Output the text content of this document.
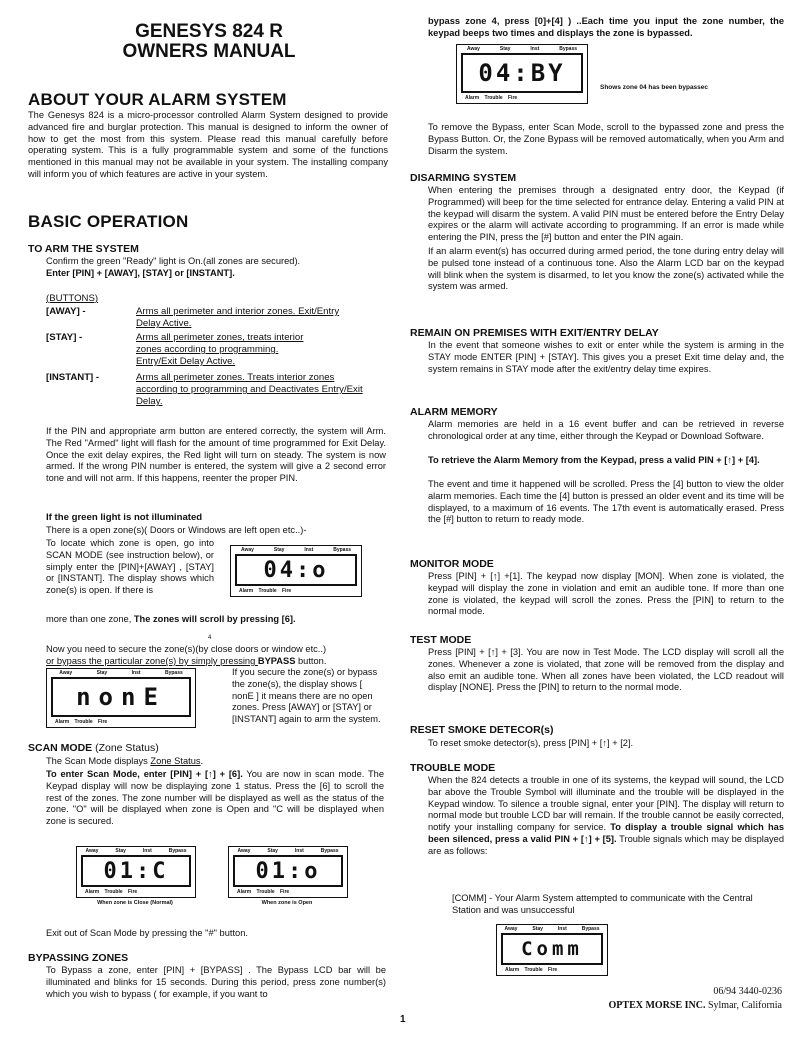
GENESYS 824 R
OWNERS MANUAL
ABOUT YOUR ALARM SYSTEM

The Genesys 824 is a micro-processor controlled Alarm System designed to provide advanced fire and burglar protection. This manual is designed to inform the owner of how to get the most from this system. Please read this manual carefully before operating system. This is a fully programmable system and some of the functions mentioned in this manual may not be available in your system. The installing company will inform you of which features are active in your system.

BASIC OPERATION
TO ARM THE SYSTEM

Confirm the green "Ready" light is On.(all zones are secured).

Enter [PIN] + [AWAY], [STAY] or [INSTANT].

(BUTTONS)
[AWAY] -	Arms all perimeter and interior zones. Exit/Entry Delay Active.
[STAY] -	Arms all perimeter zones, treats interior zones according to programming. Entry/Exit Delay Active.
[INSTANT] -	Arms all perimeter zones. Treats interior zones according to programming and Deactivates Entry/Exit Delay.

If the PIN and appropriate arm button are entered correctly, the system will Arm. The Red "Armed" light will flash for the amount of time programmed for Exit Delay. Once the exit delay expires, the Red light will turn on steady. The system is now armed. If the wrong PIN number is entered, the system will give a 2 second error tone and will not arm. If this happens, reenter the proper PIN.

If the green light is not illuminated

There is a open zone(s)( Doors or Windows are left open etc..)-

To locate which zone is open, go into SCAN MODE (see instruction below), or simply enter the [PIN]+[AWAY] , [STAY] or [INSTANT]. The display shows which zone(s) is open. If there is

more than one zone, The zones will scroll by pressing [6].

Away	Stay	Inst	Bypass
04:o
Alarm Trouble Fire
4

Now you need to secure the zone(s)(by close doors or window etc..)

or bypass the particular zone(s) by simply pressing BYPASS button.

Away	Stay	Inst	Bypass
nonE
Alarm Trouble Fire

If you secure the zone(s) or bypass the zone(s), the display shows [ nonE ] it means there are no open zones. Press [AWAY] or [STAY] or [INSTANT] again to arm the system.

SCAN MODE (Zone Status)

The Scan Mode displays Zone Status.

To enter Scan Mode, enter [PIN] + [↑] + [6]. You are now in scan mode. The Keypad display will now be displaying zone 1 status. Press the [6] to scroll the rest of the zones. The zone number will be displayed as well as the status of the zone. "O" will be displayed when zone is Open and "C will be displayed when zone is secured.

Away	Stay	Inst	Bypass
01:C
Alarm Trouble Fire
When zone is Close (Normal)
Away	Stay	Inst	Bypass
01:o
Alarm Trouble Fire
When zone is Open

Exit out of Scan Mode by pressing the "#" button.

BYPASSING ZONES

To Bypass a zone, enter [PIN] + [BYPASS] . The Bypass LCD bar will be illuminated and blinks for 15 seconds. During this period, press zone number(s) which you wish to bypass ( for example, if you want to

bypass zone 4, press [0]+[4] ) ..Each time you input the zone number, the keypad beeps two times and displays the zone is bypassed.

Away	Stay	Inst	Bypass
04:BY
Alarm Trouble Fire
Shows zone 04 has been bypassec

To remove the Bypass, enter Scan Mode, scroll to the bypassed zone and press the Bypass Button. Or, the Zone Bypass will be removed automatically, when you Arm and Disarm the system.

DISARMING SYSTEM

When entering the premises through a designated entry door, the Keypad (if Programmed) will beep for the time selected for entrance delay. Entering a valid PIN at the keypad will disarm the system. A valid PIN must be entered before the Entry Delay expires or the alarm will activate according to programming. If an error is made while entering the PIN, press the [#] button and enter the PIN again.

If an alarm event(s) has occurred during armed period, the tone during entry delay will be pulsed tone instead of a continuous tone. Also the Alarm LCD bar on the keypad will blink when the system is disarmed, to let you know the zone(s) activated while the system was armed.

REMAIN ON PREMISES WITH EXIT/ENTRY DELAY

In the event that someone wishes to exit or enter while the system is arming in the STAY mode ENTER [PIN] + [STAY]. This gives you a preset Exit time delay and, the system remains in STAY mode after the exit/entry delay time expires.

ALARM MEMORY

Alarm memories are held in a 16 event buffer and can be retrieved in reverse chronological order at any time, either through the Keypad or Download Software.

To retrieve the Alarm Memory from the Keypad, press a valid PIN + [↑] + [4].

The event and time it happened will be scrolled. Press the [4] button to view the older alarm memories. Each time the [4] button is pressed an older event and its time will be displayed, to a maximum of 16 events. The 17th event is automatically erased. Press the [#] button to return to ready mode.

MONITOR MODE

Press [PIN] + [↑] +[1]. The keypad now display [MON]. When zone is violated, the keypad will display the zone in violation and emit an audible tone. If more than one zone is violated, the keypad will scroll the zones. Press the [PIN] to return to the normal mode.

TEST MODE

Press [PIN] + [↑] + [3]. You are now in Test Mode. The LCD display will scroll all the zones. Whenever a zone is violated, that zone will be removed from the display and also emit an audible tone. When all zones have been violated, the LCD readout will display [NONE]. Press the [PIN] to return to the normal mode.

RESET SMOKE DETECOR(s)

To reset smoke detector(s), press [PIN] + [↑] + [2].

TROUBLE MODE

When the 824 detects a trouble in one of its systems, the keypad will sound, the LCD bar above the Trouble Symbol will illuminate and the trouble will be displayed in the Keypad window. To silence a trouble signal, enter your [PIN]. The display will return to normal mode but trouble LCD bar will remain. If the trouble cannot be easily corrected, notify your installing company for service. To display a trouble signal which has been silenced, press a valid PIN + [↑] + [5]. Trouble signals which may be displayed are as follows:

[COMM] - Your Alarm System attempted to communicate with the Central Station and was unsuccessful

Away	Stay	Inst	Bypass
Comm
Alarm Trouble Fire
06/94 3440-0236
OPTEX MORSE INC. Sylmar, California
1
